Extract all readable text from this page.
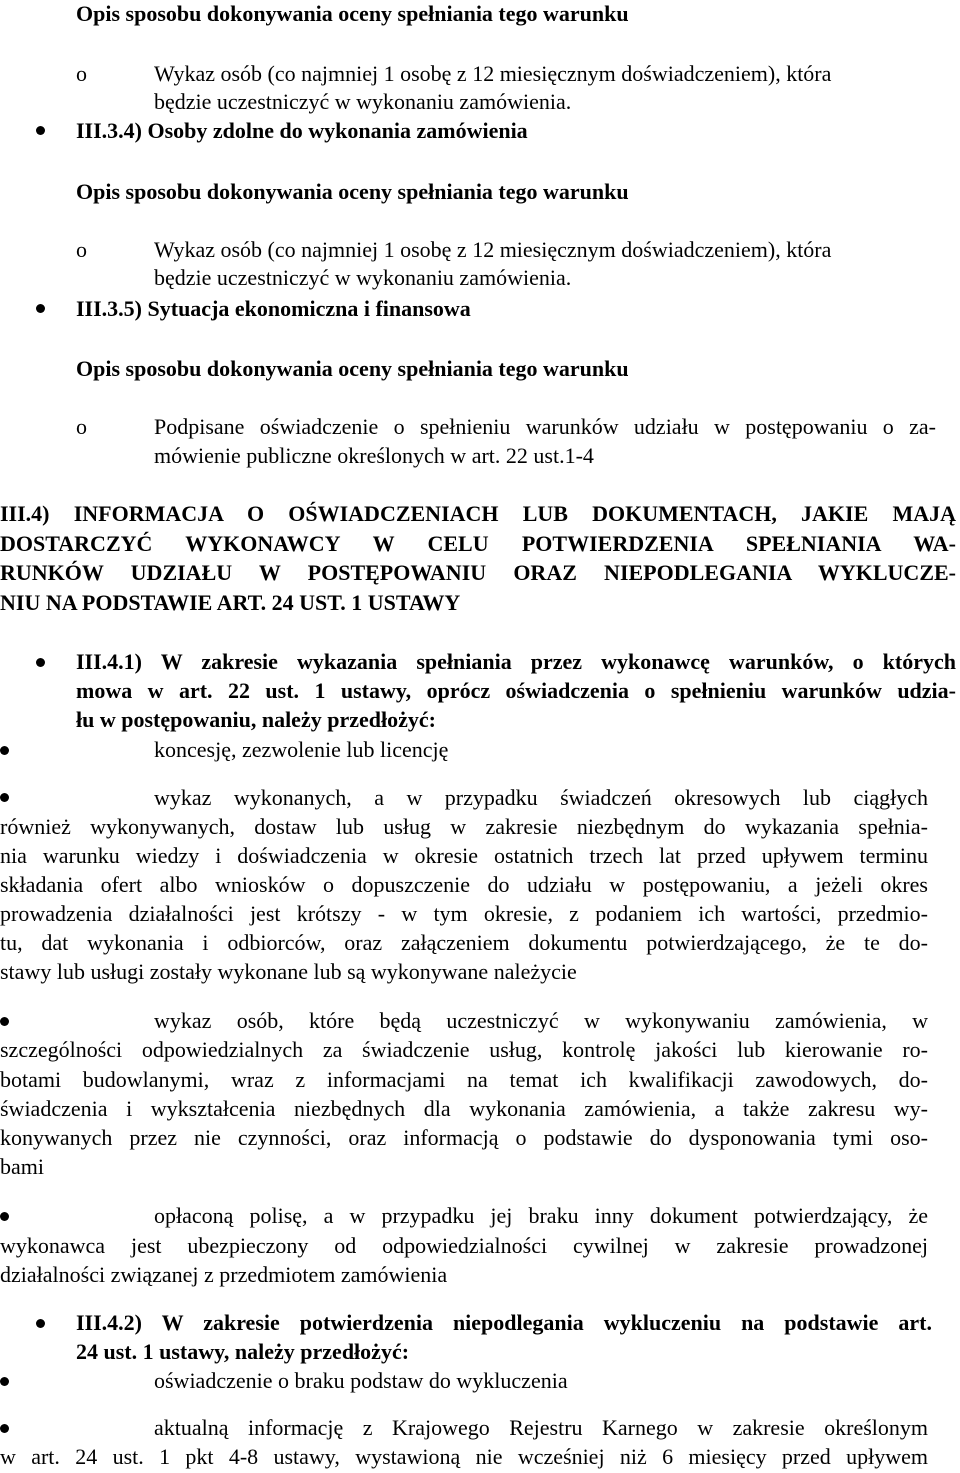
Opis sposobu dokonywania oceny spełniania tego warunku
o	Wykaz osób (co najmniej 1 osobę z 12 miesięcznym doświadczeniem), która
będzie uczestniczyć w wykonaniu zamówienia.
III.3.4) Osoby zdolne do wykonania zamówienia
Opis sposobu dokonywania oceny spełniania tego warunku
o	Wykaz osób (co najmniej 1 osobę z 12 miesięcznym doświadczeniem), która
będzie uczestniczyć w wykonaniu zamówienia.
III.3.5) Sytuacja ekonomiczna i finansowa
Opis sposobu dokonywania oceny spełniania tego warunku
o	Podpisane oświadczenie o spełnieniu warunków udziału w postępowaniu o za-
mówienie publiczne określonych w art. 22 ust.1-4
III.4) INFORMACJA O OŚWIADCZENIACH LUB DOKUMENTACH, JAKIE MAJĄ
DOSTARCZYĆ WYKONAWCY W CELU POTWIERDZENIA SPEŁNIANIA WA-
RUNKÓW UDZIAŁU W POSTĘPOWANIU ORAZ NIEPODLEGANIA WYKLUCZE-
NIU NA PODSTAWIE ART. 24 UST. 1 USTAWY
III.4.1) W zakresie wykazania spełniania przez wykonawcę warunków, o których
mowa w art. 22 ust. 1 ustawy, oprócz oświadczenia o spełnieniu warunków udzia-
łu w postępowaniu, należy przedłożyć:
koncesję, zezwolenie lub licencję
wykaz wykonanych, a w przypadku świadczeń okresowych lub ciągłych
również wykonywanych, dostaw lub usług w zakresie niezbędnym do wykazania spełnia-
nia warunku wiedzy i doświadczenia w okresie ostatnich trzech lat przed upływem terminu
składania ofert albo wniosków o dopuszczenie do udziału w postępowaniu, a jeżeli okres
prowadzenia działalności jest krótszy - w tym okresie, z podaniem ich wartości, przedmio-
tu, dat wykonania i odbiorców, oraz załączeniem dokumentu potwierdzającego, że te do-
stawy lub usługi zostały wykonane lub są wykonywane należycie
wykaz osób, które będą uczestniczyć w wykonywaniu zamówienia, w
szczególności odpowiedzialnych za świadczenie usług, kontrolę jakości lub kierowanie ro-
botami budowlanymi, wraz z informacjami na temat ich kwalifikacji zawodowych, do-
świadczenia i wykształcenia niezbędnych dla wykonania zamówienia, a także zakresu wy-
konywanych przez nie czynności, oraz informacją o podstawie do dysponowania tymi oso-
bami
opłaconą polisę, a w przypadku jej braku inny dokument potwierdzający, że
wykonawca jest ubezpieczony od odpowiedzialności cywilnej w zakresie prowadzonej
działalności związanej z przedmiotem zamówienia
III.4.2) W zakresie potwierdzenia niepodlegania wykluczeniu na podstawie art.
24 ust. 1 ustawy, należy przedłożyć:
oświadczenie o braku podstaw do wykluczenia
aktualną informację z Krajowego Rejestru Karnego w zakresie określonym
w art. 24 ust. 1 pkt 4-8 ustawy, wystawioną nie wcześniej niż 6 miesięcy przed upływem
